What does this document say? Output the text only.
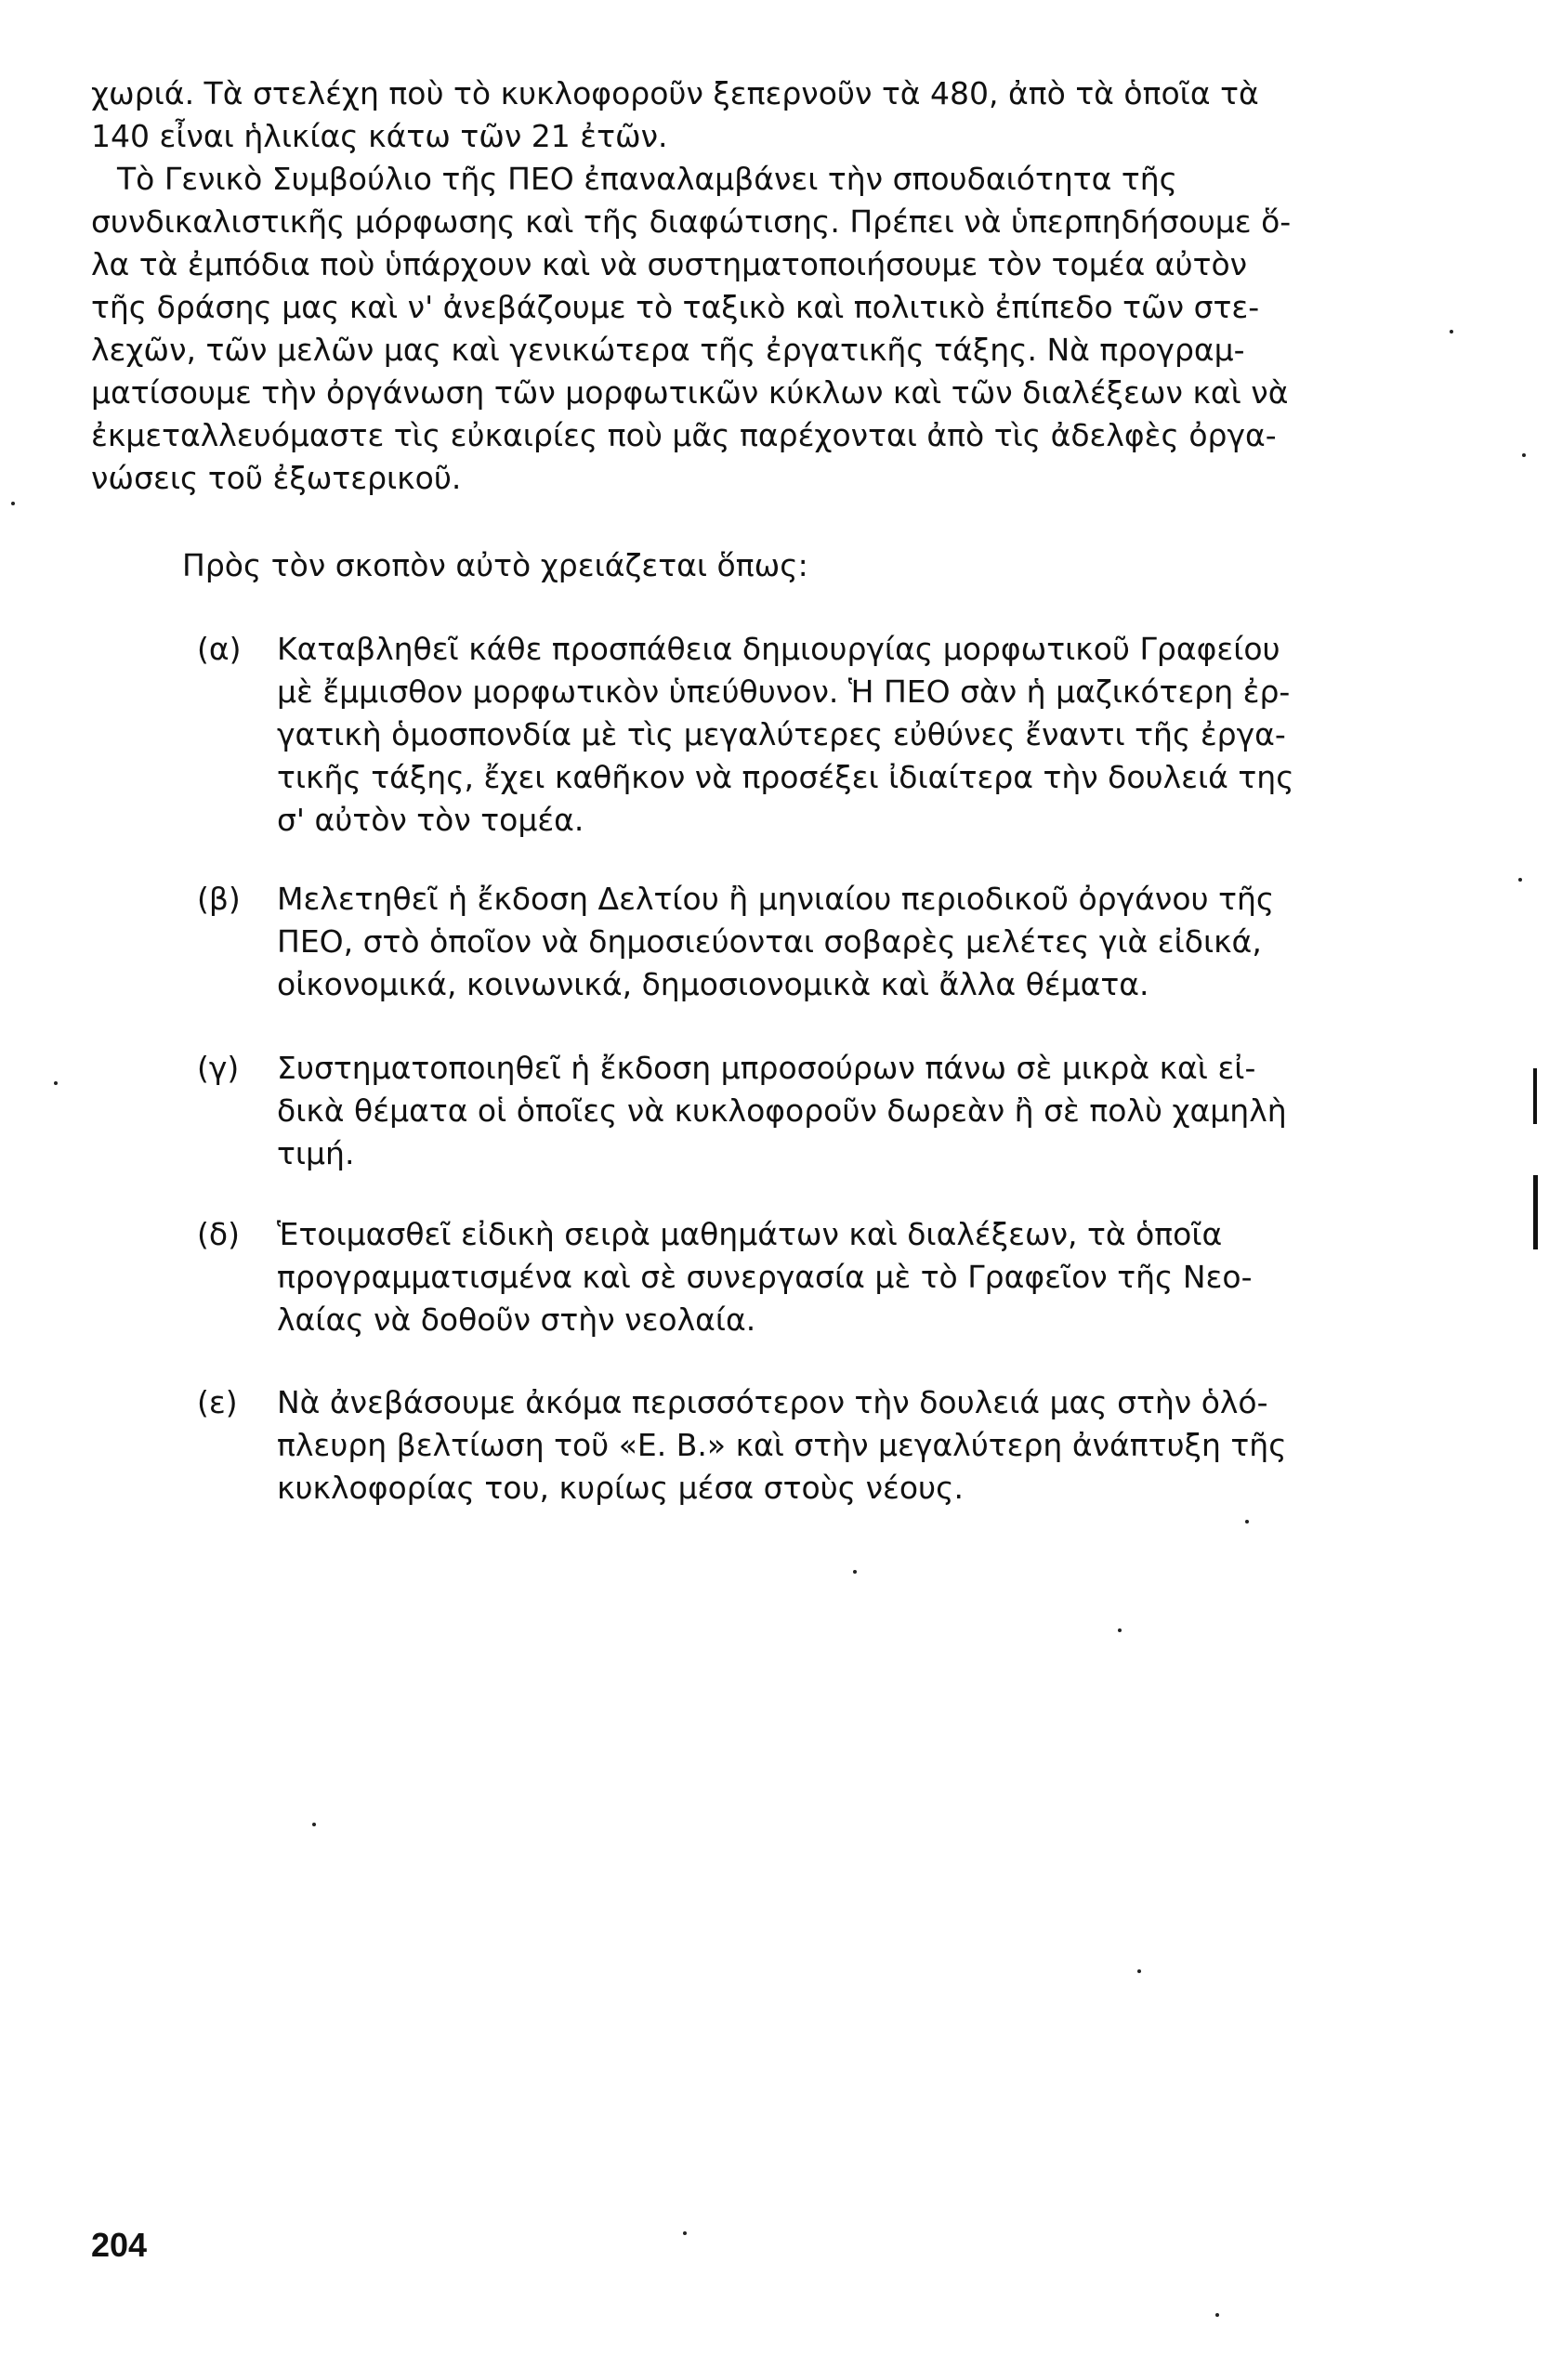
χωριά. Τὰ στελέχη ποὺ τὸ κυκλοφοροῦν ξεπερνοῦν τὰ 480, ἀπὸ τὰ ὁποῖα τὰ
140 εἶναι ἡλικίας κάτω τῶν 21 ἐτῶν.

Τὸ Γενικὸ Συμβούλιο τῆς ΠΕΟ ἐπαναλαμβάνει τὴν σπουδαιότητα τῆς
συνδικαλιστικῆς μόρφωσης καὶ τῆς διαφώτισης. Πρέπει νὰ ὑπερπηδήσουμε ὅ-
λα τὰ ἐμπόδια ποὺ ὑπάρχουν καὶ νὰ συστηματοποιήσουμε τὸν τομέα αὐτὸν
τῆς δράσης μας καὶ ν' ἀνεβάζουμε τὸ ταξικὸ καὶ πολιτικὸ ἐπίπεδο τῶν στε-
λεχῶν, τῶν μελῶν μας καὶ γενικώτερα τῆς ἐργατικῆς τάξης. Νὰ προγραμ-
ματίσουμε τὴν ὀργάνωση τῶν μορφωτικῶν κύκλων καὶ τῶν διαλέξεων καὶ νὰ
ἐκμεταλλευόμαστε τὶς εὐκαιρίες ποὺ μᾶς παρέχονται ἀπὸ τὶς ἀδελφὲς ὀργα-
νώσεις τοῦ ἐξωτερικοῦ.

Πρὸς τὸν σκοπὸν αὐτὸ χρειάζεται ὅπως:

(α)	Καταβληθεῖ κάθε προσπάθεια δημιουργίας μορφωτικοῦ Γραφείου
μὲ ἔμμισθον μορφωτικὸν ὑπεύθυνον. Ἡ ΠΕΟ σὰν ἡ μαζικότερη ἐρ-
γατικὴ ὁμοσπονδία μὲ τὶς μεγαλύτερες εὐθύνες ἔναντι τῆς ἐργα-
τικῆς τάξης, ἔχει καθῆκον νὰ προσέξει ἰδιαίτερα τὴν δουλειά της
σ' αὐτὸν τὸν τομέα.
(β)	Μελετηθεῖ ἡ ἔκδοση Δελτίου ἢ μηνιαίου περιοδικοῦ ὀργάνου τῆς
ΠΕΟ, στὸ ὁποῖον νὰ δημοσιεύονται σοβαρὲς μελέτες γιὰ εἰδικά,
οἰκονομικά, κοινωνικά, δημοσιονομικὰ καὶ ἄλλα θέματα.
(γ)	Συστηματοποιηθεῖ ἡ ἔκδοση μπροσούρων πάνω σὲ μικρὰ καὶ εἰ-
δικὰ θέματα οἱ ὁποῖες νὰ κυκλοφοροῦν δωρεὰν ἢ σὲ πολὺ χαμηλὴ
τιμή.
(δ)	Ἑτοιμασθεῖ εἰδικὴ σειρὰ μαθημάτων καὶ διαλέξεων, τὰ ὁποῖα
προγραμματισμένα καὶ σὲ συνεργασία μὲ τὸ Γραφεῖον τῆς Νεο-
λαίας νὰ δοθοῦν στὴν νεολαία.
(ε)	Νὰ ἀνεβάσουμε ἀκόμα περισσότερον τὴν δουλειά μας στὴν ὁλό-
πλευρη βελτίωση τοῦ «Ε. Β.» καὶ στὴν μεγαλύτερη ἀνάπτυξη τῆς
κυκλοφορίας του, κυρίως μέσα στοὺς νέους.
204
